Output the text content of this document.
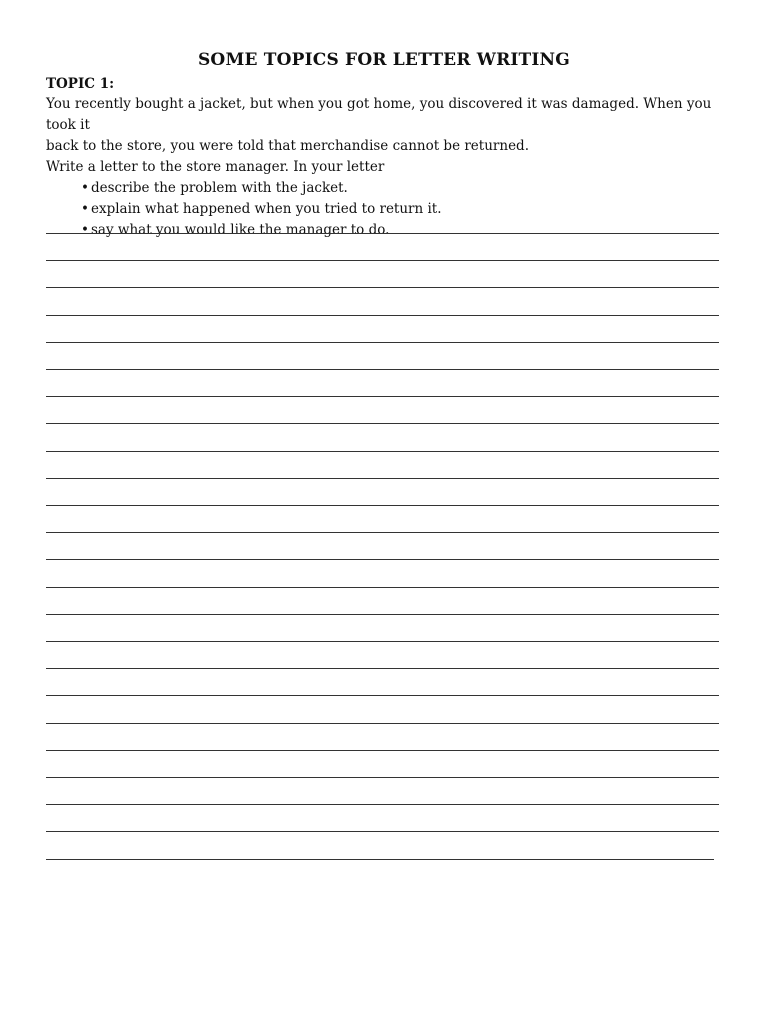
SOME TOPICS FOR LETTER WRITING
TOPIC 1:

You recently bought a jacket, but when you got home, you discovered it was damaged. When you took it

back to the store, you were told that merchandise cannot be returned.

Write a letter to the store manager. In your letter

• describe the problem with the jacket.
• explain what happened when you tried to return it.
• say what you would like the manager to do.
